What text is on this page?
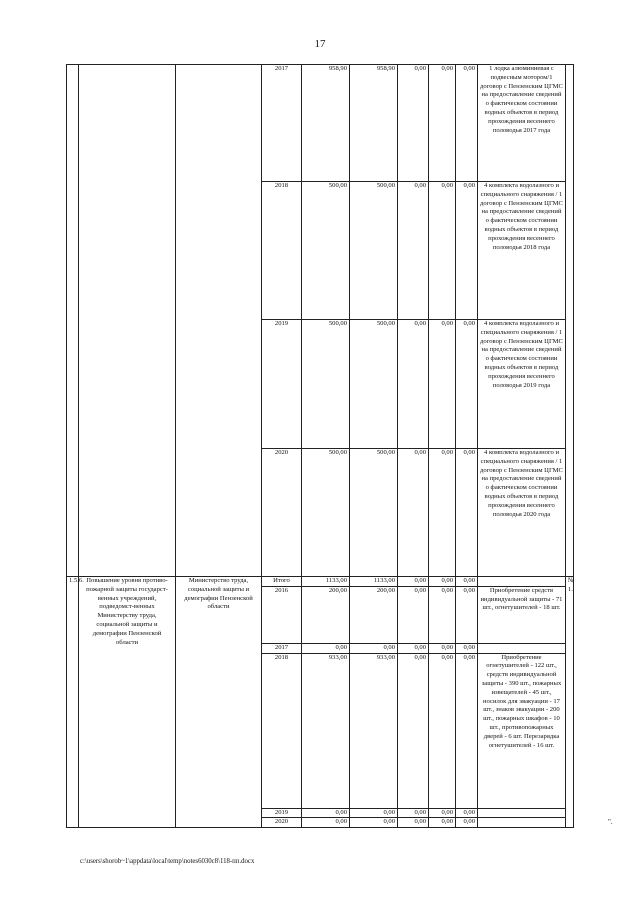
17
			2017	958,90	958,90	0,00	0,00	0,00	1 лодка алюминиевая с подвесным мотором/1 договор с Пензенским ЦГМС на предоставление сведений о фактическом состоянии водных объектов в период прохождения весеннего половодья 2017 года	
			2018	500,00	500,00	0,00	0,00	0,00	4 комплекта водолазного и специального снаряжения / 1 договор с Пензенским ЦГМС на предоставление сведений о фактическом состоянии водных объектов в период прохождения весеннего половодья 2018 года	
			2019	500,00	500,00	0,00	0,00	0,00	4 комплекта водолазного и специального снаряжения / 1 договор с Пензенским ЦГМС на предоставление сведений о фактическом состоянии водных объектов в период прохождения весеннего половодья 2019 года	
			2020	500,00	500,00	0,00	0,00	0,00	4 комплекта водолазного и специального снаряжения / 1 договор с Пензенским ЦГМС на предоставление сведений о фактическом состоянии водных объектов в период прохождения весеннего половодья 2020 года	
1.5.6.	Повышение уровня противо-пожарной защиты государст-венных учреждений, подведомст-венных Министерству труда, социальной защиты и демографии Пензенской области	Министерство труда, социальной защиты и демографии Пензенской области	Итого	1133,00	1133,00	0,00	0,00	0,00		№ 1.
			2016	200,00	200,00	0,00	0,00	0,00	Приобретение средств индивидуальной защиты - 71 шт., огнетушителей - 18 шт.	
			2017	0,00	0,00	0,00	0,00	0,00		
			2018	933,00	933,00	0,00	0,00	0,00	Приобретение огнетушителей - 122 шт., средств индивидуальной защиты - 390 шт., пожарных извещателей - 45 шт., носилок для эвакуации - 17 шт., знаков эвакуации - 200 шт., пожарных шкафов - 10 шт., противопожарных дверей - 6 шт. Перезарядка огнетушителей - 16 шт.	
			2019	0,00	0,00	0,00	0,00	0,00		
			2020	0,00	0,00	0,00	0,00	0,00			".
c:\users\shorob~1\appdata\local\temp\notes6030c8\118-пп.docx
